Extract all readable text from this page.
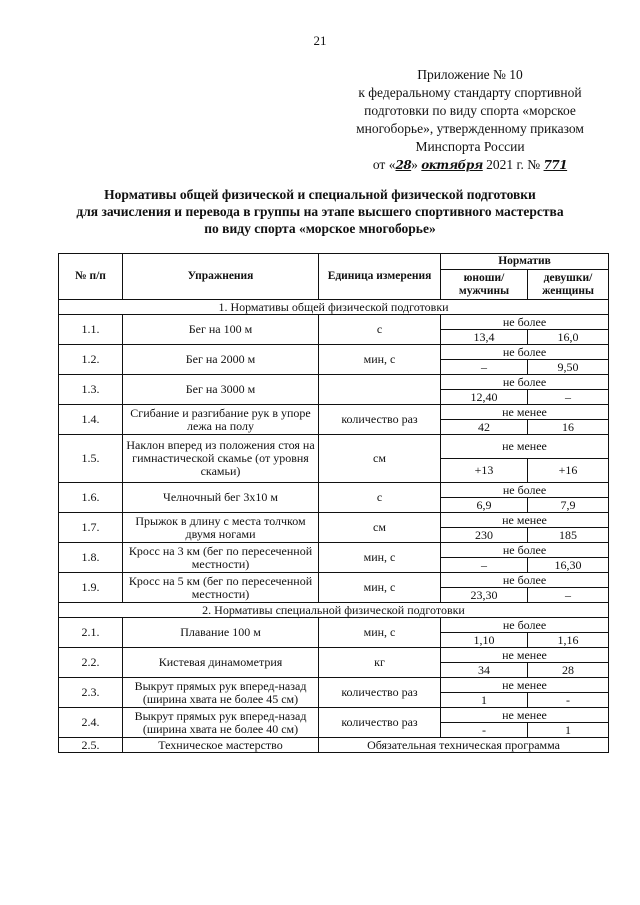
21
Приложение № 10
к федеральному стандарту спортивной
подготовки по виду спорта «морское
многоборье», утвержденному приказом
Минспорта России
от «28» октября 2021 г. № 771
Нормативы общей физической и специальной физической подготовки
для зачисления и перевода в группы на этапе высшего спортивного мастерства
по виду спорта «морское многоборье»
№ п/п	Упражнения	Единица измерения	Норматив	
			юноши/ мужчины	девушки/ женщины
1. Нормативы общей физической подготовки				
1.1.	Бег на 100 м	с	не более	
			13,4	16,0
1.2.	Бег на 2000 м	мин, с	не более	
			–	9,50
1.3.	Бег на 3000 м		не более	
			12,40	–
1.4.	Сгибание и разгибание рук в упоре лежа на полу	количество раз	не менее	
			42	16
1.5.	Наклон вперед из положения стоя на гимнастической скамье (от уровня скамьи)	см	не менее	
			+13	+16
1.6.	Челночный бег 3х10 м	с	не более	
			6,9	7,9
1.7.	Прыжок в длину с места толчком двумя ногами	см	не менее	
			230	185
1.8.	Кросс на 3 км (бег по пересеченной местности)	мин, с	не более	
			–	16,30
1.9.	Кросс на 5 км (бег по пересеченной местности)	мин, с	не более	
			23,30	–
2. Нормативы специальной физической подготовки				
2.1.	Плавание 100 м	мин, с	не более	
			1,10	1,16
2.2.	Кистевая динамометрия	кг	не менее	
			34	28
2.3.	Выкрут прямых рук вперед-назад (ширина хвата не более 45 см)	количество раз	не менее	
			1	-
2.4.	Выкрут прямых рук вперед-назад (ширина хвата не более 40 см)	количество раз	не менее	
			-	1
2.5.	Техническое мастерство	Обязательная техническая программа		
